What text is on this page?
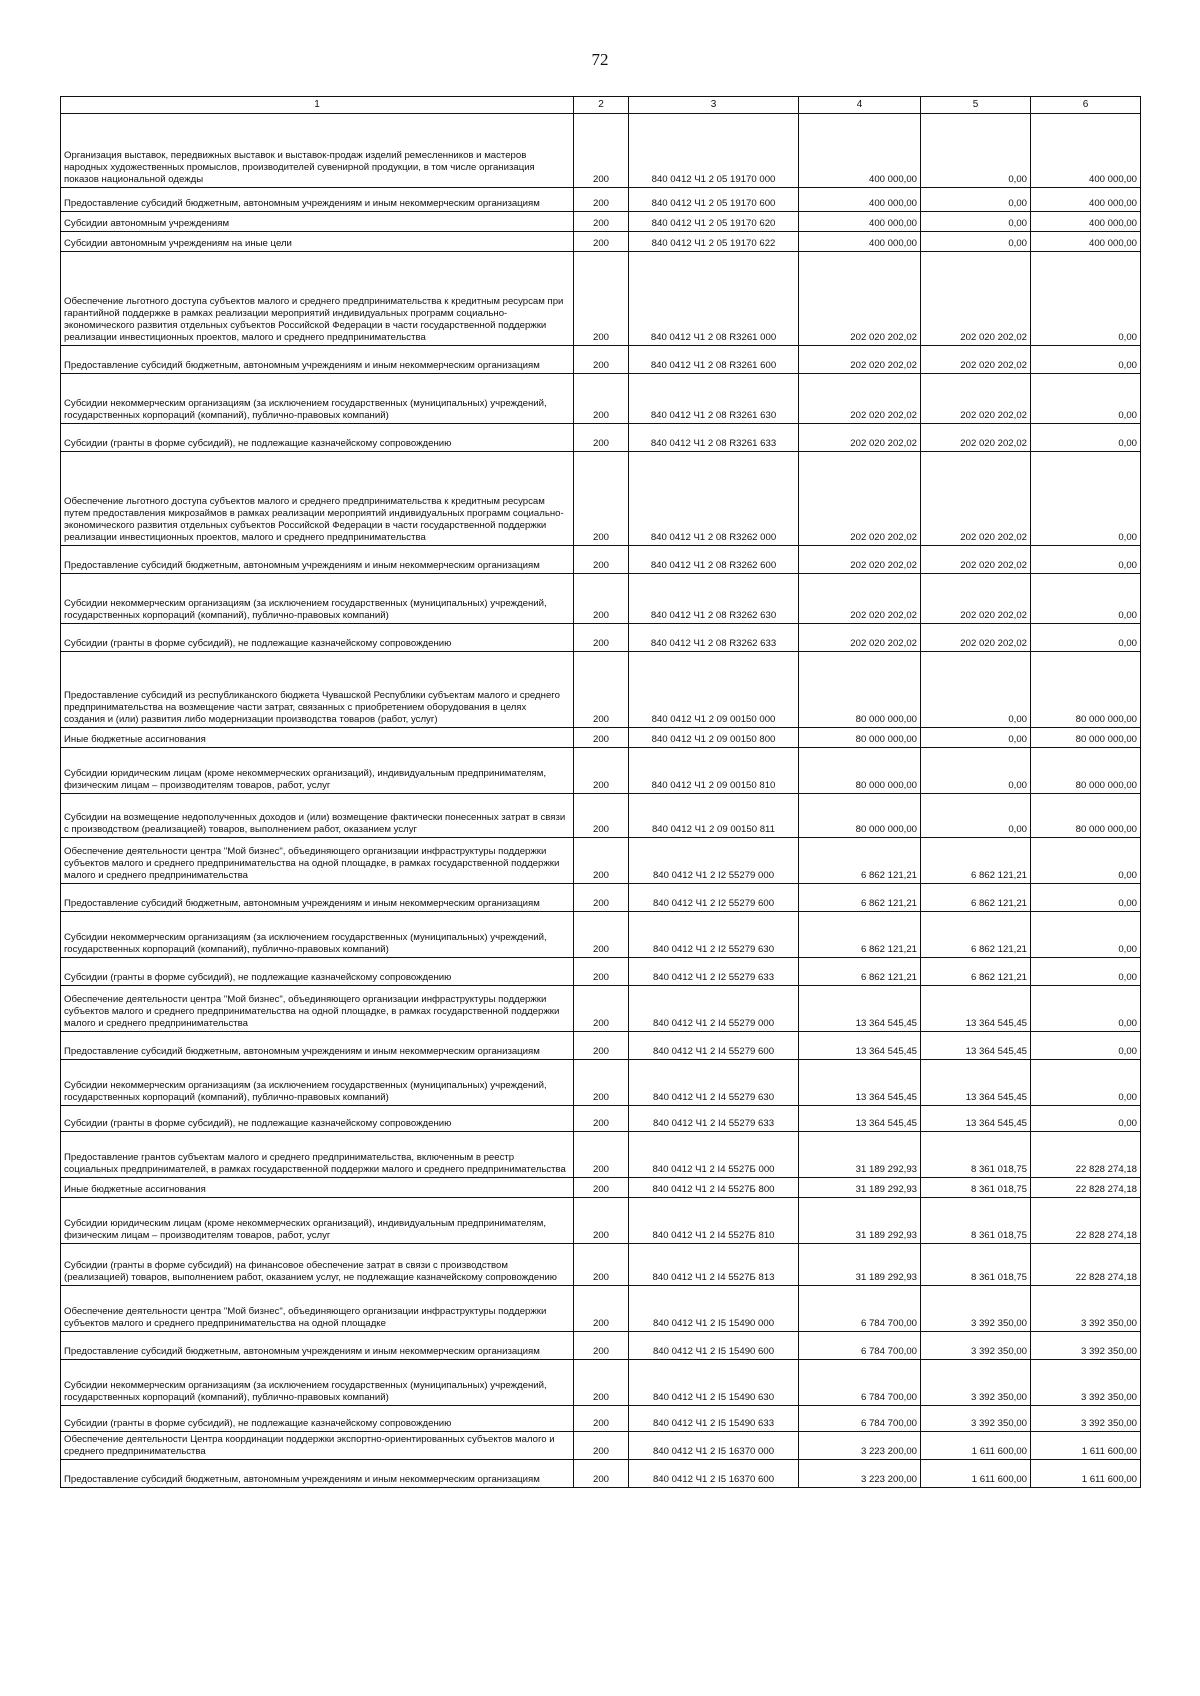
72
1	2	3	4	5	6
Организация выставок, передвижных выставок и выставок-продаж изделий ремесленников и мастеров народных художественных промыслов, производителей сувенирной продукции, в том числе организация показов национальной одежды	200	840 0412 Ч1 2 05 19170 000	400 000,00	0,00	400 000,00
Предоставление субсидий бюджетным, автономным учреждениям и иным некоммерческим организациям	200	840 0412 Ч1 2 05 19170 600	400 000,00	0,00	400 000,00
Субсидии автономным учреждениям	200	840 0412 Ч1 2 05 19170 620	400 000,00	0,00	400 000,00
Субсидии автономным учреждениям на иные цели	200	840 0412 Ч1 2 05 19170 622	400 000,00	0,00	400 000,00
Обеспечение льготного доступа субъектов малого и среднего предпринимательства к кредитным ресурсам при гарантийной поддержке в рамках реализации мероприятий индивидуальных программ социально-экономического развития отдельных субъектов Российской Федерации в части государственной поддержки реализации инвестиционных проектов, малого и среднего предпринимательства	200	840 0412 Ч1 2 08 R3261 000	202 020 202,02	202 020 202,02	0,00
Предоставление субсидий бюджетным, автономным учреждениям и иным некоммерческим организациям	200	840 0412 Ч1 2 08 R3261 600	202 020 202,02	202 020 202,02	0,00
Субсидии некоммерческим организациям (за исключением государственных (муниципальных) учреждений, государственных корпораций (компаний), публично-правовых компаний)	200	840 0412 Ч1 2 08 R3261 630	202 020 202,02	202 020 202,02	0,00
Субсидии (гранты в форме субсидий), не подлежащие казначейскому сопровождению	200	840 0412 Ч1 2 08 R3261 633	202 020 202,02	202 020 202,02	0,00
Обеспечение льготного доступа субъектов малого и среднего предпринимательства к кредитным ресурсам путем предоставления микрозаймов в рамках реализации мероприятий индивидуальных программ социально-экономического развития отдельных субъектов Российской Федерации в части государственной поддержки реализации инвестиционных проектов, малого и среднего предпринимательства	200	840 0412 Ч1 2 08 R3262 000	202 020 202,02	202 020 202,02	0,00
Предоставление субсидий бюджетным, автономным учреждениям и иным некоммерческим организациям	200	840 0412 Ч1 2 08 R3262 600	202 020 202,02	202 020 202,02	0,00
Субсидии некоммерческим организациям (за исключением государственных (муниципальных) учреждений, государственных корпораций (компаний), публично-правовых компаний)	200	840 0412 Ч1 2 08 R3262 630	202 020 202,02	202 020 202,02	0,00
Субсидии (гранты в форме субсидий), не подлежащие казначейскому сопровождению	200	840 0412 Ч1 2 08 R3262 633	202 020 202,02	202 020 202,02	0,00
Предоставление субсидий из республиканского бюджета Чувашской Республики субъектам малого и среднего предпринимательства на возмещение части затрат, связанных с приобретением оборудования в целях создания и (или) развития либо модернизации производства товаров (работ, услуг)	200	840 0412 Ч1 2 09 00150 000	80 000 000,00	0,00	80 000 000,00
Иные бюджетные ассигнования	200	840 0412 Ч1 2 09 00150 800	80 000 000,00	0,00	80 000 000,00
Субсидии юридическим лицам (кроме некоммерческих организаций), индивидуальным предпринимателям, физическим лицам – производителям товаров, работ, услуг	200	840 0412 Ч1 2 09 00150 810	80 000 000,00	0,00	80 000 000,00
Субсидии на возмещение недополученных доходов и (или) возмещение фактически понесенных затрат в связи с производством (реализацией) товаров, выполнением работ, оказанием услуг	200	840 0412 Ч1 2 09 00150 811	80 000 000,00	0,00	80 000 000,00
Обеспечение деятельности центра "Мой бизнес", объединяющего организации инфраструктуры поддержки субъектов малого и среднего предпринимательства на одной площадке, в рамках государственной поддержки малого и среднего предпринимательства	200	840 0412 Ч1 2 I2 55279 000	6 862 121,21	6 862 121,21	0,00
Предоставление субсидий бюджетным, автономным учреждениям и иным некоммерческим организациям	200	840 0412 Ч1 2 I2 55279 600	6 862 121,21	6 862 121,21	0,00
Субсидии некоммерческим организациям (за исключением государственных (муниципальных) учреждений, государственных корпораций (компаний), публично-правовых компаний)	200	840 0412 Ч1 2 I2 55279 630	6 862 121,21	6 862 121,21	0,00
Субсидии (гранты в форме субсидий), не подлежащие казначейскому сопровождению	200	840 0412 Ч1 2 I2 55279 633	6 862 121,21	6 862 121,21	0,00
Обеспечение деятельности центра "Мой бизнес", объединяющего организации инфраструктуры поддержки субъектов малого и среднего предпринимательства на одной площадке, в рамках государственной поддержки малого и среднего предпринимательства	200	840 0412 Ч1 2 I4 55279 000	13 364 545,45	13 364 545,45	0,00
Предоставление субсидий бюджетным, автономным учреждениям и иным некоммерческим организациям	200	840 0412 Ч1 2 I4 55279 600	13 364 545,45	13 364 545,45	0,00
Субсидии некоммерческим организациям (за исключением государственных (муниципальных) учреждений, государственных корпораций (компаний), публично-правовых компаний)	200	840 0412 Ч1 2 I4 55279 630	13 364 545,45	13 364 545,45	0,00
Субсидии (гранты в форме субсидий), не подлежащие казначейскому сопровождению	200	840 0412 Ч1 2 I4 55279 633	13 364 545,45	13 364 545,45	0,00
Предоставление грантов субъектам малого и среднего предпринимательства, включенным в реестр социальных предпринимателей, в рамках государственной поддержки малого и среднего предпринимательства	200	840 0412 Ч1 2 I4 5527Б 000	31 189 292,93	8 361 018,75	22 828 274,18
Иные бюджетные ассигнования	200	840 0412 Ч1 2 I4 5527Б 800	31 189 292,93	8 361 018,75	22 828 274,18
Субсидии юридическим лицам (кроме некоммерческих организаций), индивидуальным предпринимателям, физическим лицам – производителям товаров, работ, услуг	200	840 0412 Ч1 2 I4 5527Б 810	31 189 292,93	8 361 018,75	22 828 274,18
Субсидии (гранты в форме субсидий) на финансовое обеспечение затрат в связи с производством (реализацией) товаров, выполнением работ, оказанием услуг, не подлежащие казначейскому сопровождению	200	840 0412 Ч1 2 I4 5527Б 813	31 189 292,93	8 361 018,75	22 828 274,18
Обеспечение деятельности центра "Мой бизнес", объединяющего организации инфраструктуры поддержки субъектов малого и среднего предпринимательства на одной площадке	200	840 0412 Ч1 2 I5 15490 000	6 784 700,00	3 392 350,00	3 392 350,00
Предоставление субсидий бюджетным, автономным учреждениям и иным некоммерческим организациям	200	840 0412 Ч1 2 I5 15490 600	6 784 700,00	3 392 350,00	3 392 350,00
Субсидии некоммерческим организациям (за исключением государственных (муниципальных) учреждений, государственных корпораций (компаний), публично-правовых компаний)	200	840 0412 Ч1 2 I5 15490 630	6 784 700,00	3 392 350,00	3 392 350,00
Субсидии (гранты в форме субсидий), не подлежащие казначейскому сопровождению	200	840 0412 Ч1 2 I5 15490 633	6 784 700,00	3 392 350,00	3 392 350,00
Обеспечение деятельности Центра координации поддержки экспортно-ориентированных субъектов малого и среднего предпринимательства	200	840 0412 Ч1 2 I5 16370 000	3 223 200,00	1 611 600,00	1 611 600,00
Предоставление субсидий бюджетным, автономным учреждениям и иным некоммерческим организациям	200	840 0412 Ч1 2 I5 16370 600	3 223 200,00	1 611 600,00	1 611 600,00
